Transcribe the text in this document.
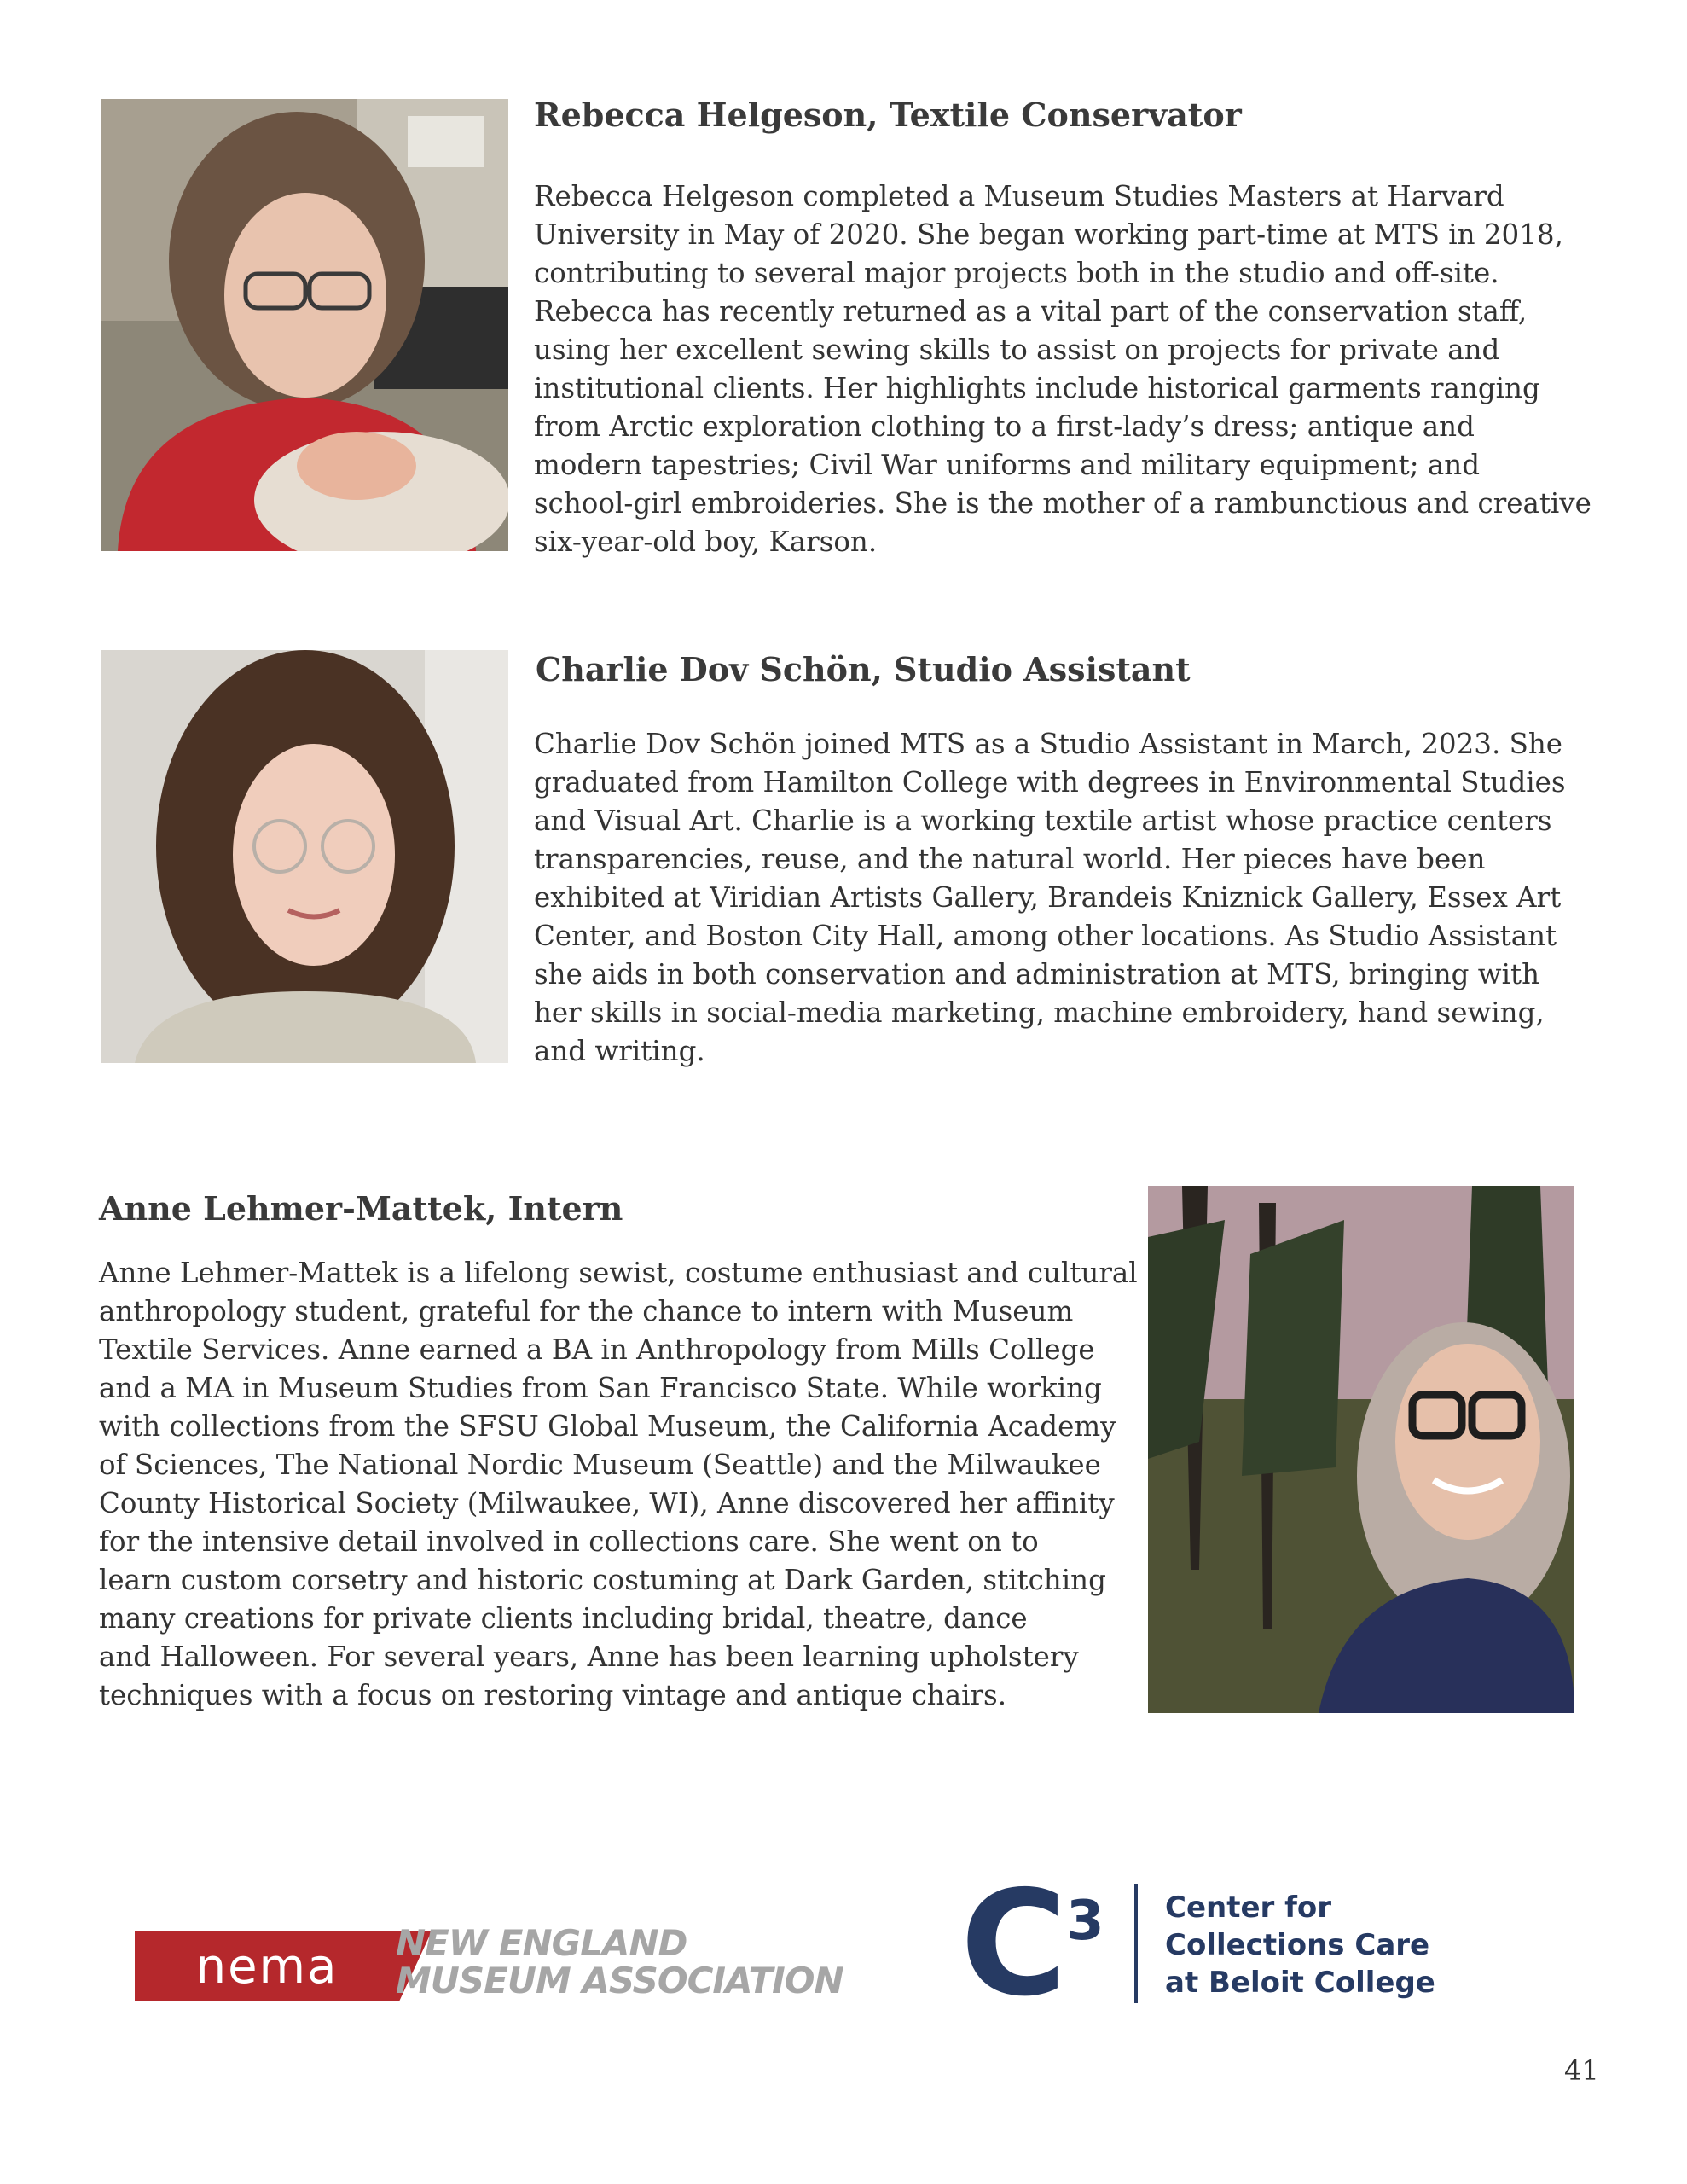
Rebecca Helgeson, Textile Conservator

Rebecca Helgeson completed a Museum Studies Masters at Harvard
University in May of 2020. She began working part-time at MTS in 2018,
contributing to several major projects both in the studio and off-site.
Rebecca has recently returned as a vital part of the conservation staff,
using her excellent sewing skills to assist on projects for private and
institutional clients. Her highlights include historical garments ranging
from Arctic exploration clothing to a first-lady’s dress; antique and
modern tapestries; Civil War uniforms and military equipment; and
school-girl embroideries. She is the mother of a rambunctious and creative
six-year-old boy, Karson.

Charlie Dov Schön, Studio Assistant

Charlie Dov Schön joined MTS as a Studio Assistant in March, 2023. She
graduated from Hamilton College with degrees in Environmental Studies
and Visual Art. Charlie is a working textile artist whose practice centers
transparencies, reuse, and the natural world. Her pieces have been
exhibited at Viridian Artists Gallery, Brandeis Kniznick Gallery, Essex Art
Center, and Boston City Hall, among other locations. As Studio Assistant
she aids in both conservation and administration at MTS, bringing with
her skills in social-media marketing, machine embroidery, hand sewing,
and writing.

Anne Lehmer-Mattek, Intern

Anne Lehmer-Mattek is a lifelong sewist, costume enthusiast and cultural
anthropology student, grateful for the chance to intern with Museum
Textile Services. Anne earned a BA in Anthropology from Mills College
and a MA in Museum Studies from San Francisco State. While working
with collections from the SFSU Global Museum, the California Academy
of Sciences, The National Nordic Museum (Seattle) and the Milwaukee
County Historical Society (Milwaukee, WI), Anne discovered her affinity
for the intensive detail involved in collections care. She went on to
learn custom corsetry and historic costuming at Dark Garden, stitching
many creations for private clients including bridal, theatre, dance
and Halloween. For several years, Anne has been learning upholstery
techniques with a focus on restoring vintage and antique chairs.

nema	NEW ENGLAND
MUSEUM ASSOCIATION C 3 Center for
Collections Care
at Beloit College
41
